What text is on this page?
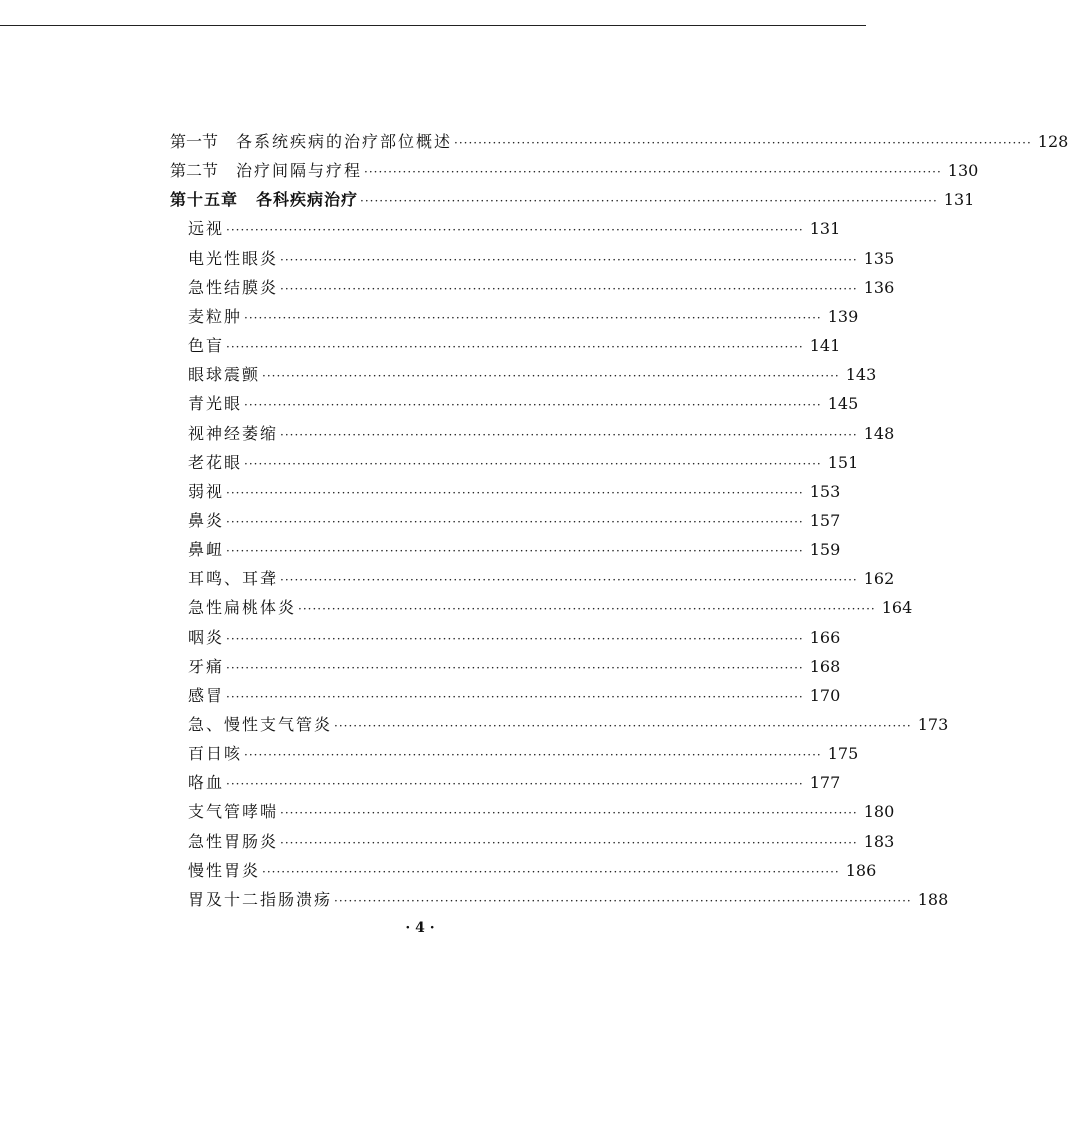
第一节	各系统疾病的治疗部位概述 ························································································································ 128
第二节	治疗间隔与疗程 ························································································································ 130
第十五章	各科疾病治疗 ························································································································ 131
远视 ························································································································ 131
电光性眼炎 ························································································································ 135
急性结膜炎 ························································································································ 136
麦粒肿 ························································································································ 139
色盲 ························································································································ 141
眼球震颤 ························································································································ 143
青光眼 ························································································································ 145
视神经萎缩 ························································································································ 148
老花眼 ························································································································ 151
弱视 ························································································································ 153
鼻炎 ························································································································ 157
鼻衄 ························································································································ 159
耳鸣、耳聋 ························································································································ 162
急性扁桃体炎 ························································································································ 164
咽炎 ························································································································ 166
牙痛 ························································································································ 168
感冒 ························································································································ 170
急、慢性支气管炎 ························································································································ 173
百日咳 ························································································································ 175
咯血 ························································································································ 177
支气管哮喘 ························································································································ 180
急性胃肠炎 ························································································································ 183
慢性胃炎 ························································································································ 186
胃及十二指肠溃疡 ························································································································ 188
· 4 ·
